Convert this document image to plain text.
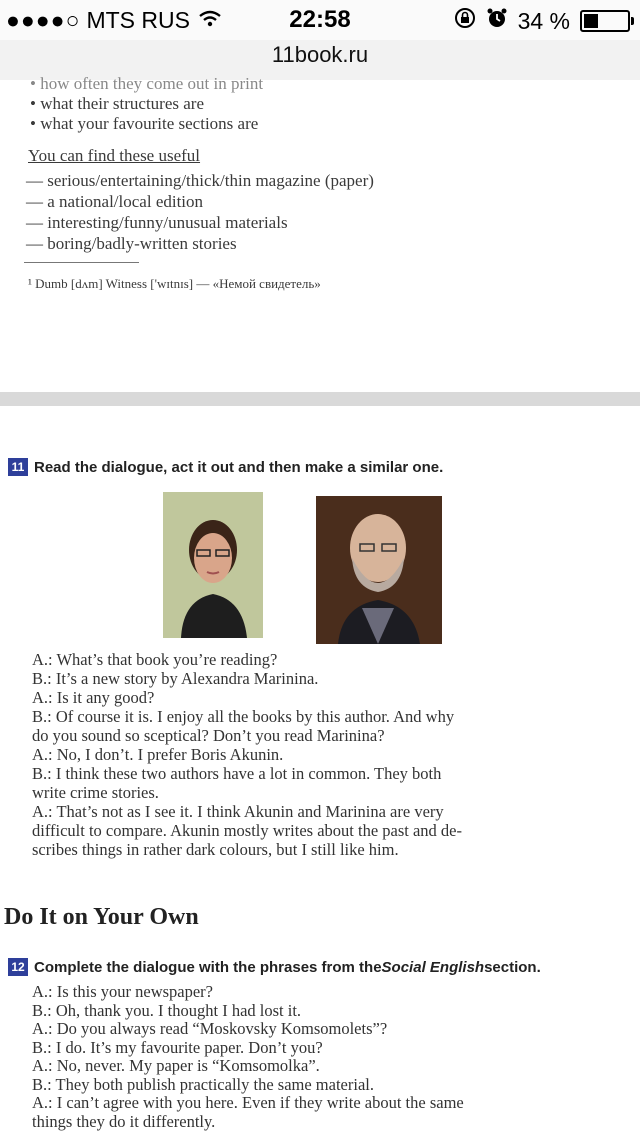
●●●●○ MTS RUS	22:58	34 %
11book.ru
• how often they come out in print
• what their structures are
• what your favourite sections are
You can find these useful
— serious/entertaining/thick/thin magazine (paper)
— a national/local edition
— interesting/funny/unusual materials
— boring/badly-written stories
¹ Dumb [dʌm] Witness ['wɪtnɪs] — «Немой свидетель»
11 Read the dialogue, act it out and then make a similar one.
A.: What’s that book you’re reading?
B.: It’s a new story by Alexandra Marinina.
A.: Is it any good?
B.: Of course it is. I enjoy all the books by this author. And why
do you sound so sceptical? Don’t you read Marinina?
A.: No, I don’t. I prefer Boris Akunin.
B.: I think these two authors have a lot in common. They both
write crime stories.
A.: That’s not as I see it. I think Akunin and Marinina are very
difficult to compare. Akunin mostly writes about the past and de-
scribes things in rather dark colours, but I still like him.
Do It on Your Own
12 Complete the dialogue with the phrases from the Social English section.
A.: Is this your newspaper?
B.: Oh, thank you. I thought I had lost it.
A.: Do you always read “Moskovsky Komsomolets”?
B.: I do. It’s my favourite paper. Don’t you?
A.: No, never. My paper is “Komsomolka”.
B.: They both publish practically the same material.
A.: I can’t agree with you here. Even if they write about the same
things they do it differently.
